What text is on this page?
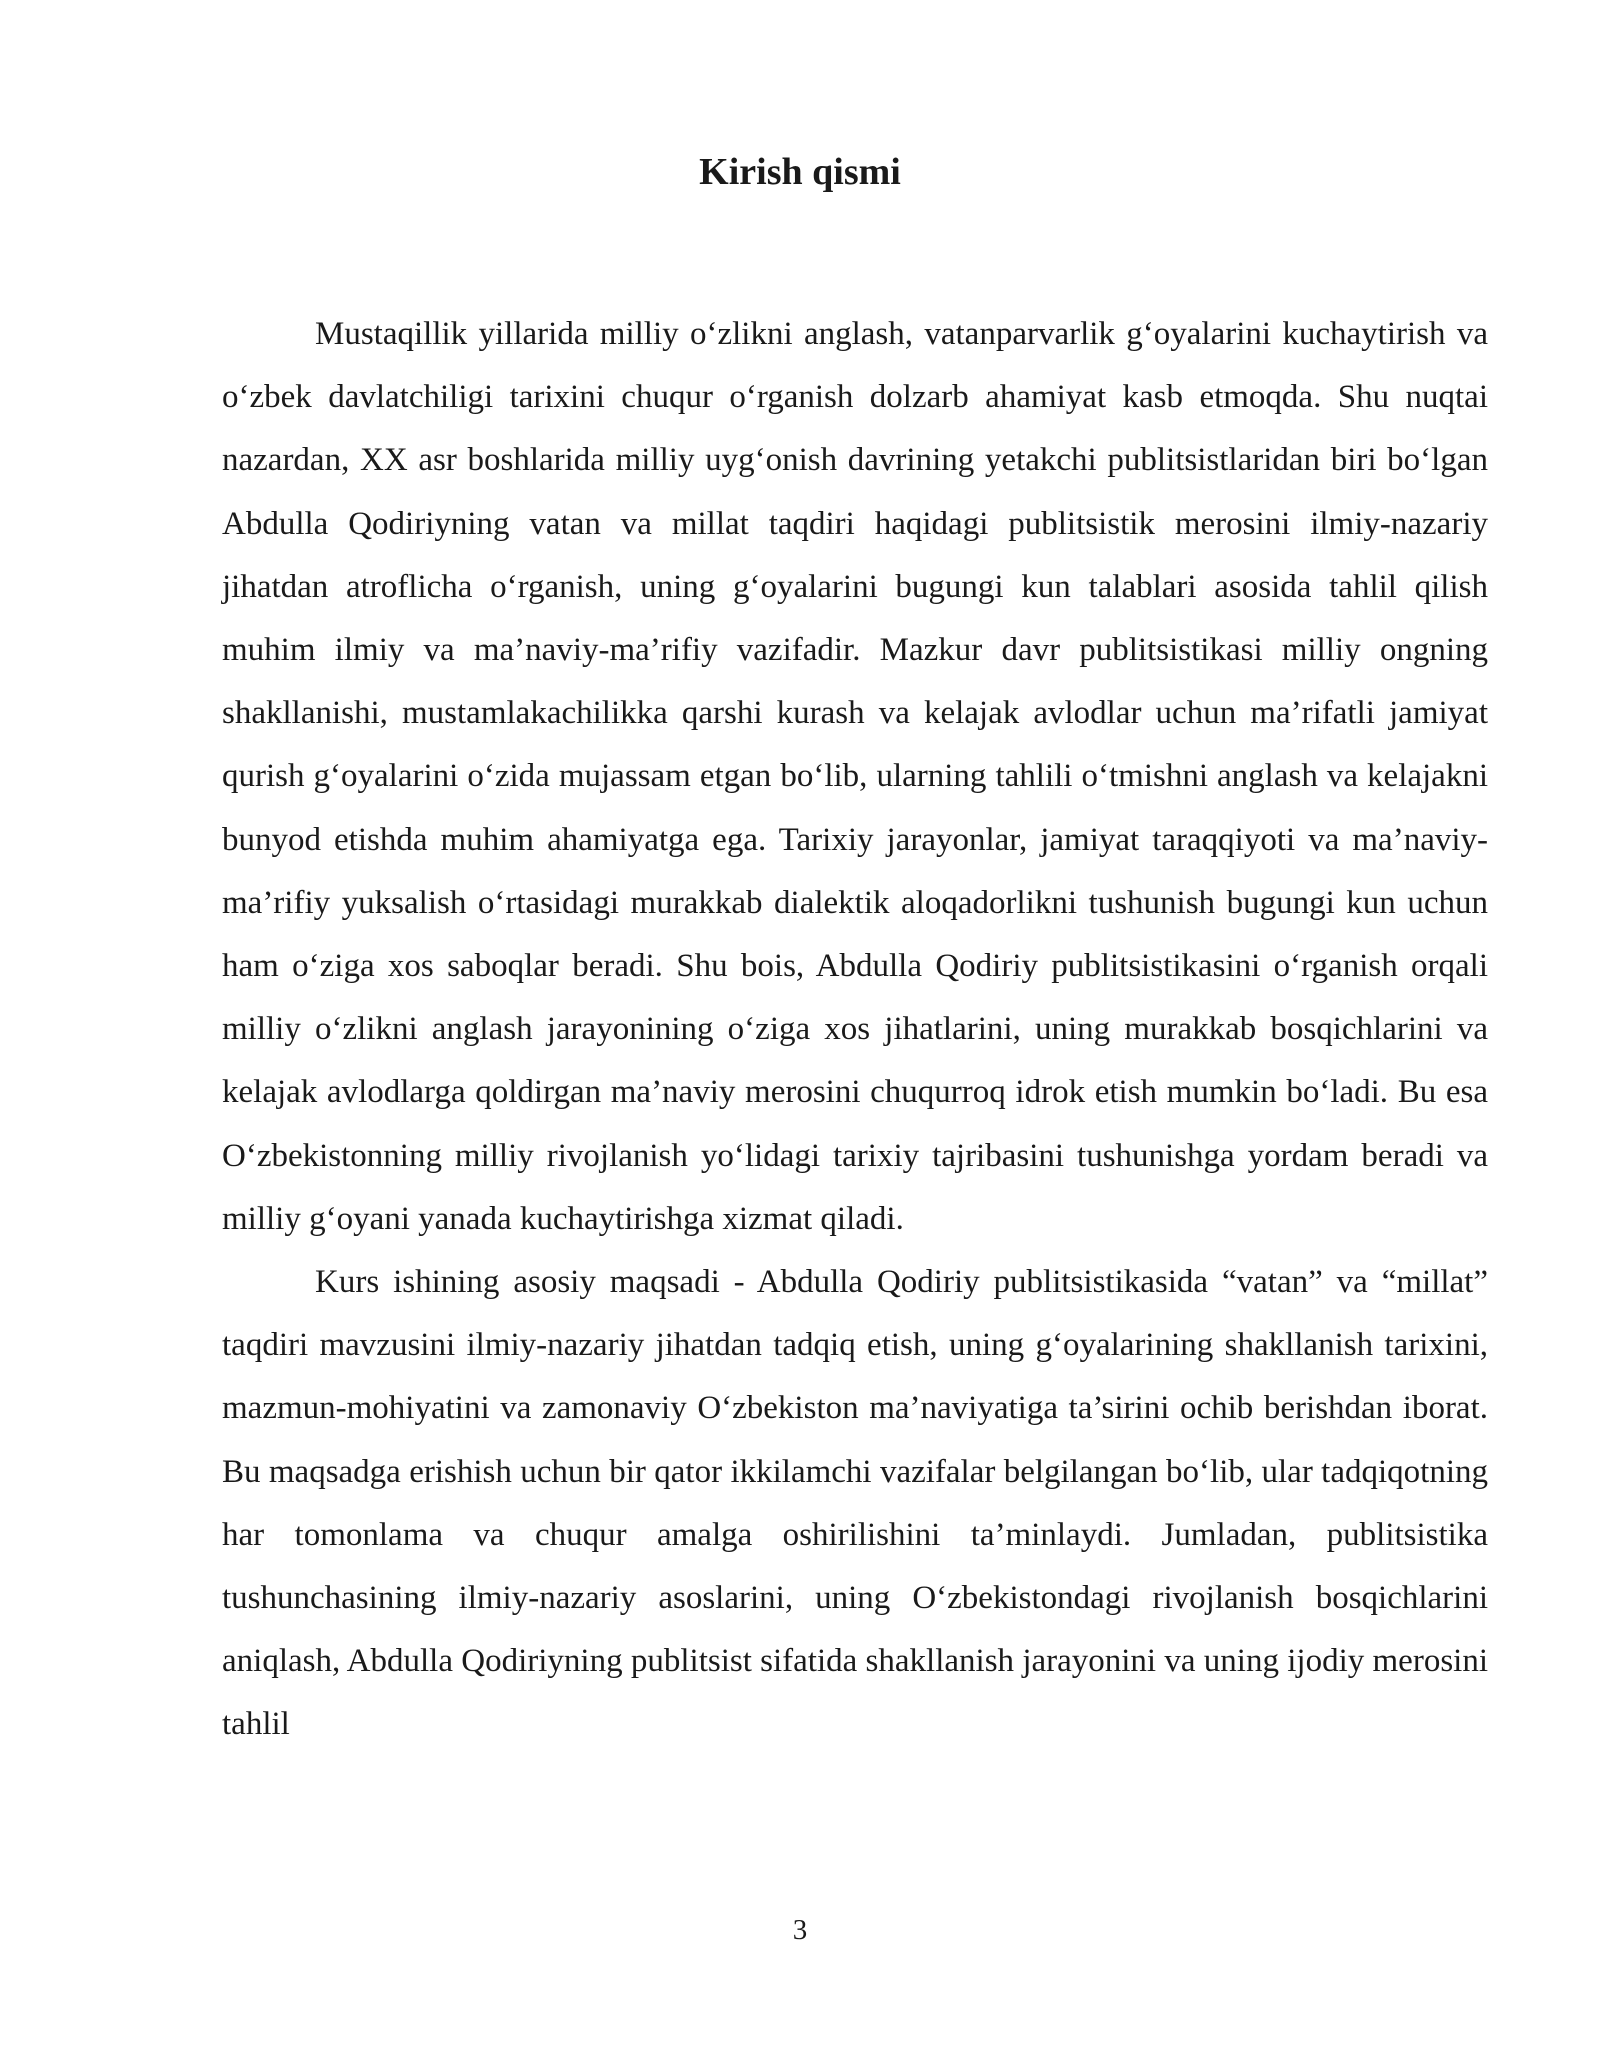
Kirish qismi

Mustaqillik yillarida milliy o‘zlikni anglash, vatanparvarlik g‘oyalarini kuchaytirish va o‘zbek davlatchiligi tarixini chuqur o‘rganish dolzarb ahamiyat kasb etmoqda. Shu nuqtai nazardan, XX asr boshlarida milliy uyg‘onish davrining yetakchi publitsistlaridan biri bo‘lgan Abdulla Qodiriyning vatan va millat taqdiri haqidagi publitsistik merosini ilmiy-nazariy jihatdan atroflicha o‘rganish, uning g‘oyalarini bugungi kun talablari asosida tahlil qilish muhim ilmiy va ma’naviy-ma’rifiy vazifadir. Mazkur davr publitsistikasi milliy ongning shakllanishi, mustamlakachilikka qarshi kurash va kelajak avlodlar uchun ma’rifatli jamiyat qurish g‘oyalarini o‘zida mujassam etgan bo‘lib, ularning tahlili o‘tmishni anglash va kelajakni bunyod etishda muhim ahamiyatga ega. Tarixiy jarayonlar, jamiyat taraqqiyoti va ma’naviy-ma’rifiy yuksalish o‘rtasidagi murakkab dialektik aloqadorlikni tushunish bugungi kun uchun ham o‘ziga xos saboqlar beradi. Shu bois, Abdulla Qodiriy publitsistikasini o‘rganish orqali milliy o‘zlikni anglash jarayonining o‘ziga xos jihatlarini, uning murakkab bosqichlarini va kelajak avlodlarga qoldirgan ma’naviy merosini chuqurroq idrok etish mumkin bo‘ladi. Bu esa O‘zbekistonning milliy rivojlanish yo‘lidagi tarixiy tajribasini tushunishga yordam beradi va milliy g‘oyani yanada kuchaytirishga xizmat qiladi.

Kurs ishining asosiy maqsadi - Abdulla Qodiriy publitsistikasida “vatan” va “millat” taqdiri mavzusini ilmiy-nazariy jihatdan tadqiq etish, uning g‘oyalarining shakllanish tarixini, mazmun-mohiyatini va zamonaviy O‘zbekiston ma’naviyatiga ta’sirini ochib berishdan iborat. Bu maqsadga erishish uchun bir qator ikkilamchi vazifalar belgilangan bo‘lib, ular tadqiqotning har tomonlama va chuqur amalga oshirilishini ta’minlaydi. Jumladan, publitsistika tushunchasining ilmiy-nazariy asoslarini, uning O‘zbekistondagi rivojlanish bosqichlarini aniqlash, Abdulla Qodiriyning publitsist sifatida shakllanish jarayonini va uning ijodiy merosini tahlil

3
